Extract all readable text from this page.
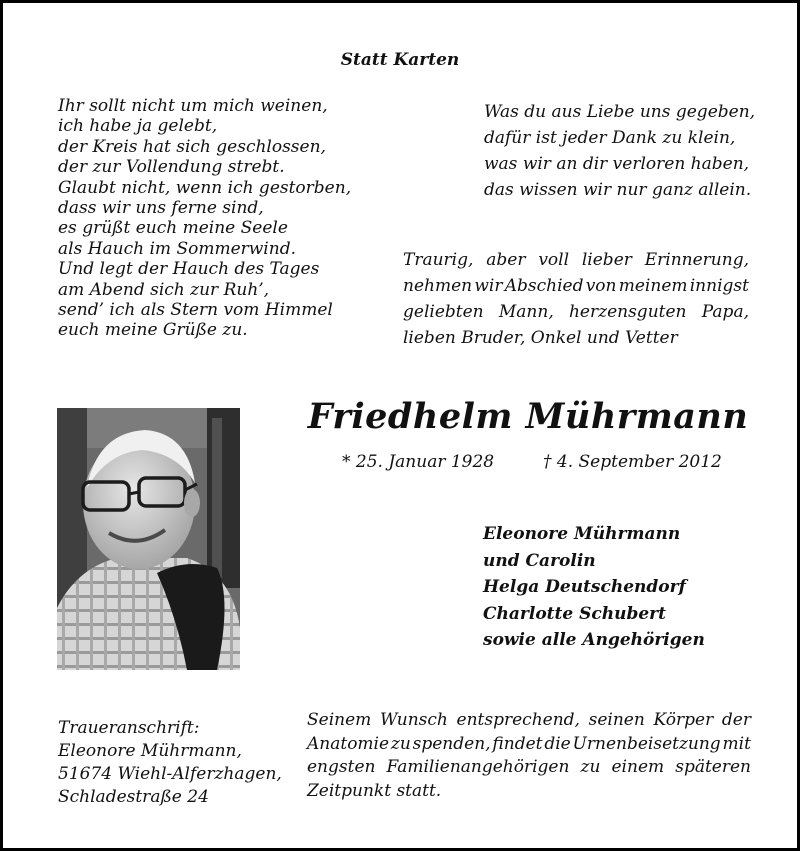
Statt Karten
Ihr sollt nicht um mich weinen,
ich habe ja gelebt,
der Kreis hat sich geschlossen,
der zur Vollendung strebt.
Glaubt nicht, wenn ich gestorben,
dass wir uns ferne sind,
es grüßt euch meine Seele
als Hauch im Sommerwind.
Und legt der Hauch des Tages
am Abend sich zur Ruh’,
send’ ich als Stern vom Himmel
euch meine Grüße zu.
Was du aus Liebe uns gegeben,
dafür ist jeder Dank zu klein,
was wir an dir verloren haben,
das wissen wir nur ganz allein.
Traurig, aber voll lieber Erinnerung,
nehmen wir Abschied von meinem innigst
geliebten Mann, herzensguten Papa,
lieben Bruder, Onkel und Vetter
Friedhelm Mührmann
* 25. Januar 1928	† 4. September 2012
Eleonore Mührmann
und Carolin
Helga Deutschendorf
Charlotte Schubert
sowie alle Angehörigen
Traueranschrift:
Eleonore Mührmann,
51674 Wiehl-Alferzhagen,
Schladestraße 24
Seinem Wunsch entsprechend, seinen Körper der
Anatomie zu spenden, findet die Urnenbeisetzung mit
engsten Familienangehörigen zu einem späteren
Zeitpunkt statt.
